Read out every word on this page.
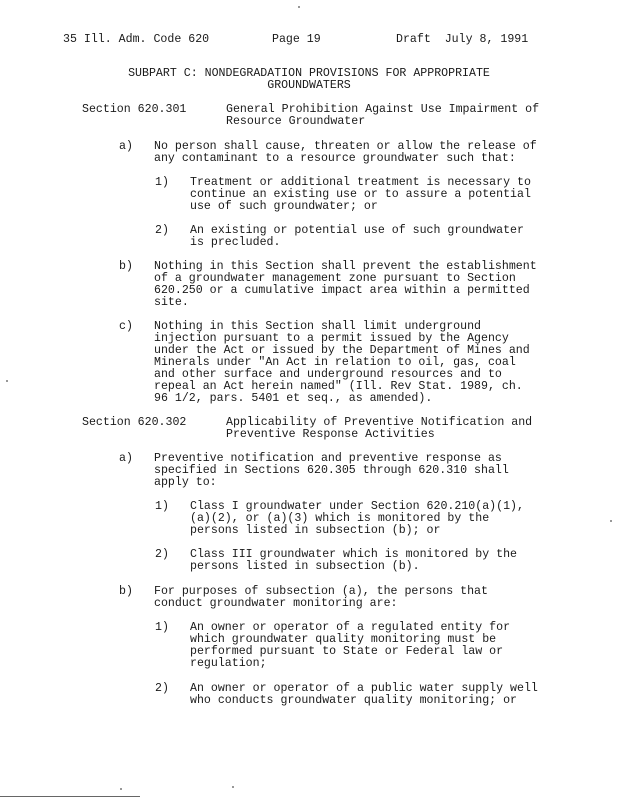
35 Ill. Adm. Code 620	Page 19	Draft  July 8, 1991
SUBPART C: NONDEGRADATION PROVISIONS FOR APPROPRIATE
GROUNDWATERS
Section 620.301	General Prohibition Against Use Impairment of
Resource Groundwater
a) No person shall cause, threaten or allow the release of
any contaminant to a resource groundwater such that:
1) Treatment or additional treatment is necessary to
continue an existing use or to assure a potential
use of such groundwater; or
2) An existing or potential use of such groundwater
is precluded.
b) Nothing in this Section shall prevent the establishment
of a groundwater management zone pursuant to Section
620.250 or a cumulative impact area within a permitted
site.
c) Nothing in this Section shall limit underground
injection pursuant to a permit issued by the Agency
under the Act or issued by the Department of Mines and
Minerals under "An Act in relation to oil, gas, coal
and other surface and underground resources and to
repeal an Act herein named" (Ill. Rev Stat. 1989, ch.
96 1/2, pars. 5401 et seq., as amended).
Section 620.302	Applicability of Preventive Notification and
Preventive Response Activities
a) Preventive notification and preventive response as
specified in Sections 620.305 through 620.310 shall
apply to:
1) Class I groundwater under Section 620.210(a)(1),
(a)(2), or (a)(3) which is monitored by the
persons listed in subsection (b); or
2) Class III groundwater which is monitored by the
persons listed in subsection (b).
b) For purposes of subsection (a), the persons that
conduct groundwater monitoring are:
1) An owner or operator of a regulated entity for
which groundwater quality monitoring must be
performed pursuant to State or Federal law or
regulation;
2) An owner or operator of a public water supply well
who conducts groundwater quality monitoring; or
